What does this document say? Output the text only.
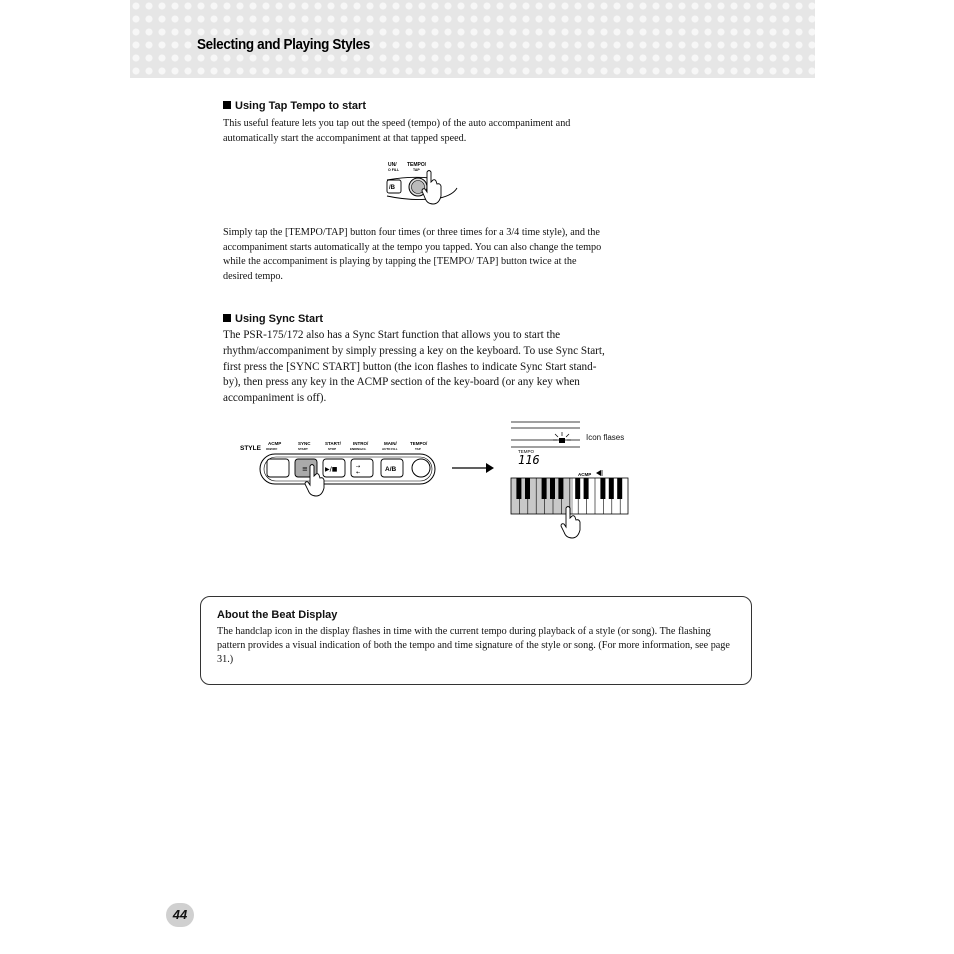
Selecting and Playing Styles
Using Tap Tempo to start

This useful feature lets you tap out the speed (tempo) of the auto accompaniment and automatically start the accompaniment at that tapped speed.

UN/
O FILL
TEMPO/
TAP
/B

Simply tap the [TEMPO/TAP] button four times (or three times for a 3/4 time style), and the accompaniment starts automatically at the tempo you tapped. You can also change the tempo while the accompaniment is playing by tapping the [TEMPO/ TAP] button twice at the desired tempo.

Using Sync Start

The PSR-175/172 also has a Sync Start function that allows you to start the rhythm/accompaniment by simply pressing a key on the keyboard. To use Sync Start, first press the [SYNC START] button (the icon flashes to indicate Sync Start stand-by), then press any key in the ACMP section of the key-board (or any key when accompaniment is off).

STYLE
ACMP
ON/OFF
SYNC
START
START/
STOP
INTRO/
ENDING/rit.
MAIN/
AUTO FILL
TEMPO/
TAP
≡	▶/■	⇢
⇠	A/B
TEMPO
116
ACMP
Icon flases
About the Beat Display

The handclap icon in the display flashes in time with the current tempo during playback of a style (or song). The flashing pattern provides a visual indication of both the tempo and time signature of the style or song. (For more information, see page 31.)

44
